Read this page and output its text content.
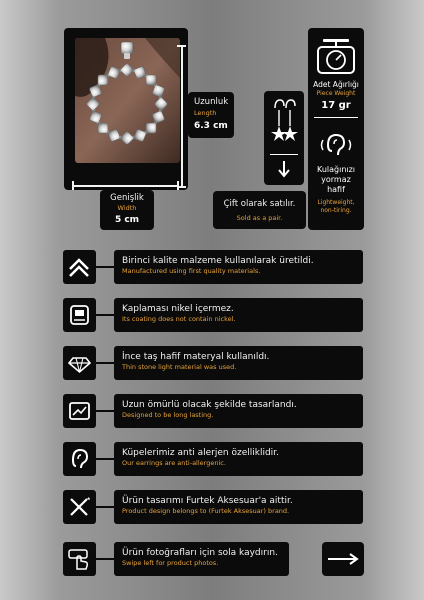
Uzunluk
Length
6.3 cm
Genişlik
Width
5 cm
Çift olarak satılır.
Sold as a pair.
Adet Ağırlığı
Piece Weight
17 gr
Kulağınızı
yormaz
hafif
Lightweight,
non-tiring.
Birinci kalite malzeme kullanılarak üretildi.
Manufactured using first quality materials.
Kaplaması nikel içermez.
Its coating does not contain nickel.
İnce taş hafif materyal kullanıldı.
Thin stone light material was used.
Uzun ömürlü olacak şekilde tasarlandı.
Designed to be long lasting.
Küpelerimiz anti alerjen özelliklidir.
Our earrings are anti-allergenic.
Ürün tasarımı Furtek Aksesuar'a aittir.
Product design belongs to (Furtek Aksesuar) brand.
Ürün fotoğrafları için sola kaydırın.
Swipe left for product photos.
